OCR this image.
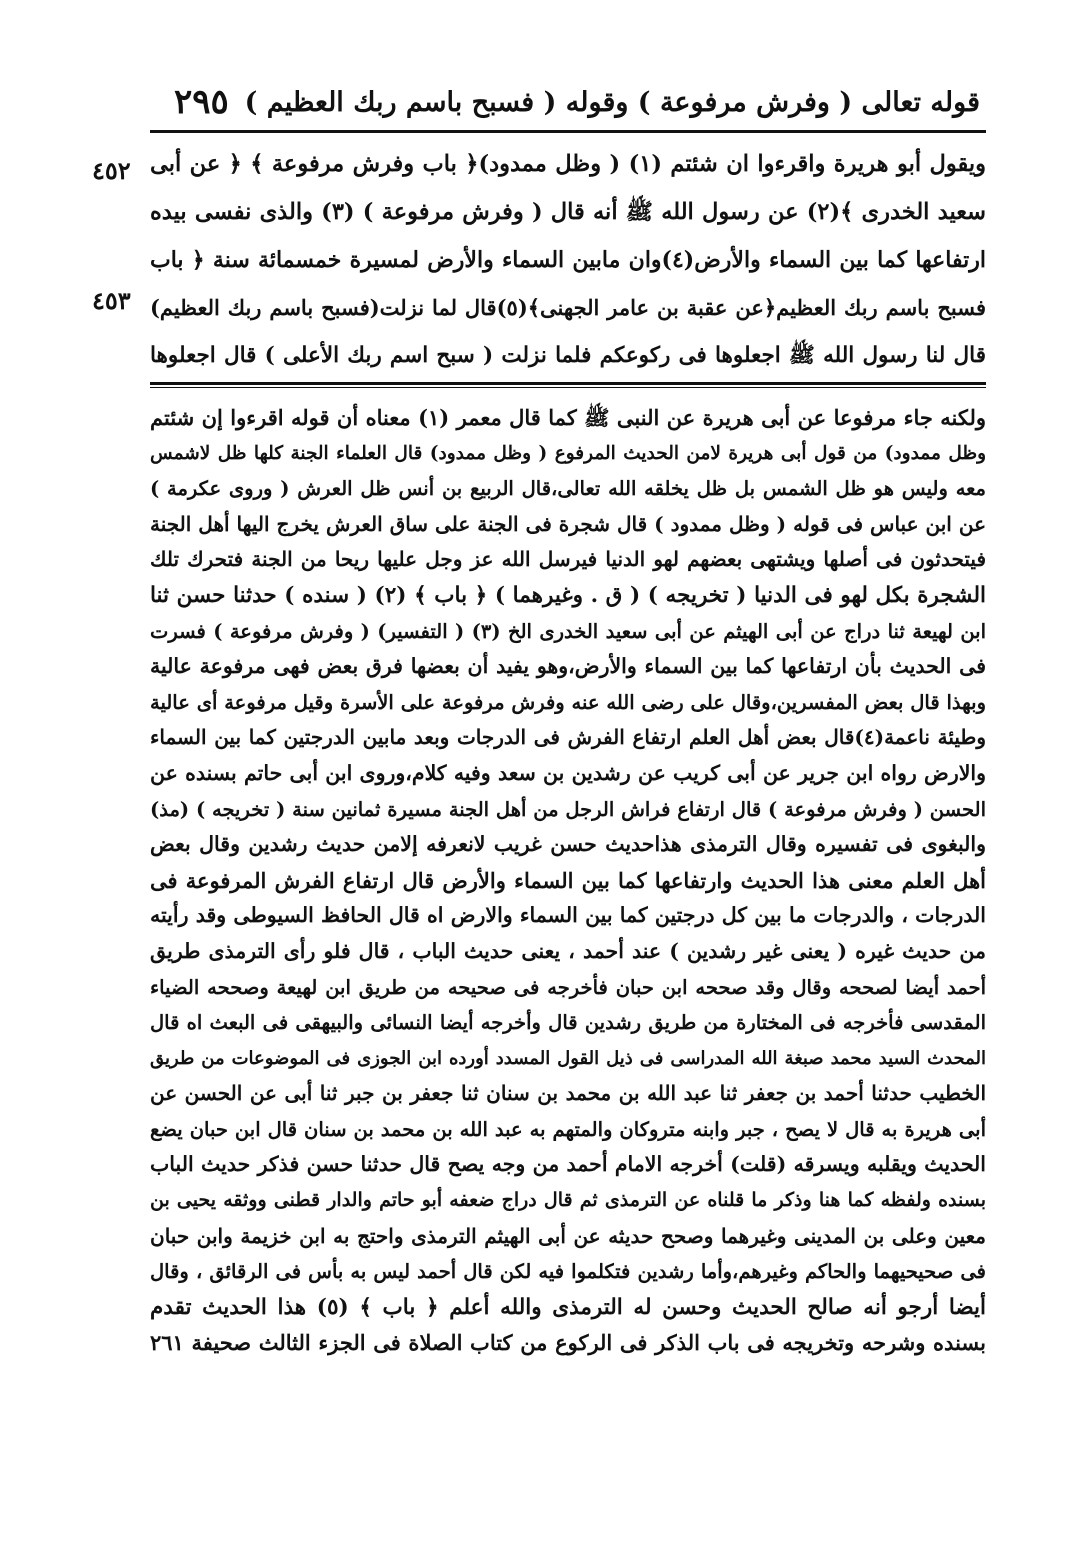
قوله تعالى ( وفرش مرفوعة ) وقوله ( فسبح باسم ربك العظيم )
٢٩٥
٤٥٢
٤٥٣
ويقول أبو هريرة واقرءوا ان شئتم (١) ( وظل ممدود)﴿ باب وفرش مرفوعة ﴾ ﴿ عن أبى
سعيد الخدرى ﴾(٢) عن رسول الله ﷺ أنه قال ( وفرش مرفوعة ) (٣) والذى نفسى بيده
ارتفاعها كما بين السماء والأرض(٤)وان مابين السماء والأرض لمسيرة خمسمائة سنة ﴿ باب
فسبح باسم ربك العظيم﴿عن عقبة بن عامر الجهنى﴾(٥)قال لما نزلت(فسبح باسم ربك العظيم)
قال لنا رسول الله ﷺ اجعلوها فى ركوعكم فلما نزلت ( سبح اسم ربك الأعلى ) قال اجعلوها
ولكنه جاء مرفوعا عن أبى هريرة عن النبى ﷺ كما قال معمر (١) معناه أن قوله اقرءوا إن شئتم
وظل ممدود) من قول أبى هريرة لامن الحديث المرفوع ( وظل ممدود) قال العلماء الجنة كلها ظل لاشمس
معه وليس هو ظل الشمس بل ظل يخلقه الله تعالى،قال الربيع بن أنس ظل العرش ( وروى عكرمة )
عن ابن عباس فى قوله ( وظل ممدود ) قال شجرة فى الجنة على ساق العرش يخرج اليها أهل الجنة
فيتحدثون فى أصلها ويشتهى بعضهم لهو الدنيا فيرسل الله عز وجل عليها ريحا من الجنة فتحرك تلك
الشجرة بكل لهو فى الدنيا ( تخريجه ) ( ق . وغيرهما ) ﴿ باب ﴾ (٢) ( سنده ) حدثنا حسن ثنا
ابن لهيعة ثنا دراج عن أبى الهيثم عن أبى سعيد الخدرى الخ (٣) ( التفسير) ( وفرش مرفوعة ) فسرت
فى الحديث بأن ارتفاعها كما بين السماء والأرض،وهو يفيد أن بعضها فرق بعض فهى مرفوعة عالية
وبهذا قال بعض المفسرين،وقال على رضى الله عنه وفرش مرفوعة على الأسرة وقيل مرفوعة أى عالية
وطيئة ناعمة(٤)قال بعض أهل العلم ارتفاع الفرش فى الدرجات وبعد مابين الدرجتين كما بين السماء
والارض رواه ابن جرير عن أبى كريب عن رشدين بن سعد وفيه كلام،وروى ابن أبى حاتم بسنده عن
الحسن ( وفرش مرفوعة ) قال ارتفاع فراش الرجل من أهل الجنة مسيرة ثمانين سنة ( تخريجه ) (مذ)
والبغوى فى تفسيره وقال الترمذى هذاحديث حسن غريب لانعرفه إلامن حديث رشدين وقال بعض
أهل العلم معنى هذا الحديث وارتفاعها كما بين السماء والأرض قال ارتفاع الفرش المرفوعة فى
الدرجات ، والدرجات ما بين كل درجتين كما بين السماء والارض اه قال الحافظ السيوطى وقد رأيته
من حديث غيره ( يعنى غير رشدين ) عند أحمد ، يعنى حديث الباب ، قال فلو رأى الترمذى طريق
أحمد أيضا لصححه وقال وقد صححه ابن حبان فأخرجه فى صحيحه من طريق ابن لهيعة وصححه الضياء
المقدسى فأخرجه فى المختارة من طريق رشدين قال وأخرجه أيضا النسائى والبيهقى فى البعث اه قال
المحدث السيد محمد صبغة الله المدراسى فى ذيل القول المسدد أورده ابن الجوزى فى الموضوعات من طريق
الخطيب حدثنا أحمد بن جعفر ثنا عبد الله بن محمد بن سنان ثنا جعفر بن جبر ثنا أبى عن الحسن عن
أبى هريرة به قال لا يصح ، جبر وابنه متروكان والمتهم به عبد الله بن محمد بن سنان قال ابن حبان يضع
الحديث ويقلبه ويسرقه (قلت) أخرجه الامام أحمد من وجه يصح قال حدثنا حسن فذكر حديث الباب
بسنده ولفظه كما هنا وذكر ما قلناه عن الترمذى ثم قال دراج ضعفه أبو حاتم والدار قطنى ووثقه يحيى بن
معين وعلى بن المدينى وغيرهما وصحح حديثه عن أبى الهيثم الترمذى واحتج به ابن خزيمة وابن حبان
فى صحيحيهما والحاكم وغيرهم،وأما رشدين فتكلموا فيه لكن قال أحمد ليس به بأس فى الرقائق ، وقال
أيضا أرجو أنه صالح الحديث وحسن له الترمذى والله أعلم ﴿ باب ﴾ (٥) هذا الحديث تقدم
بسنده وشرحه وتخريجه فى باب الذكر فى الركوع من كتاب الصلاة فى الجزء الثالث صحيفة ٢٦١
